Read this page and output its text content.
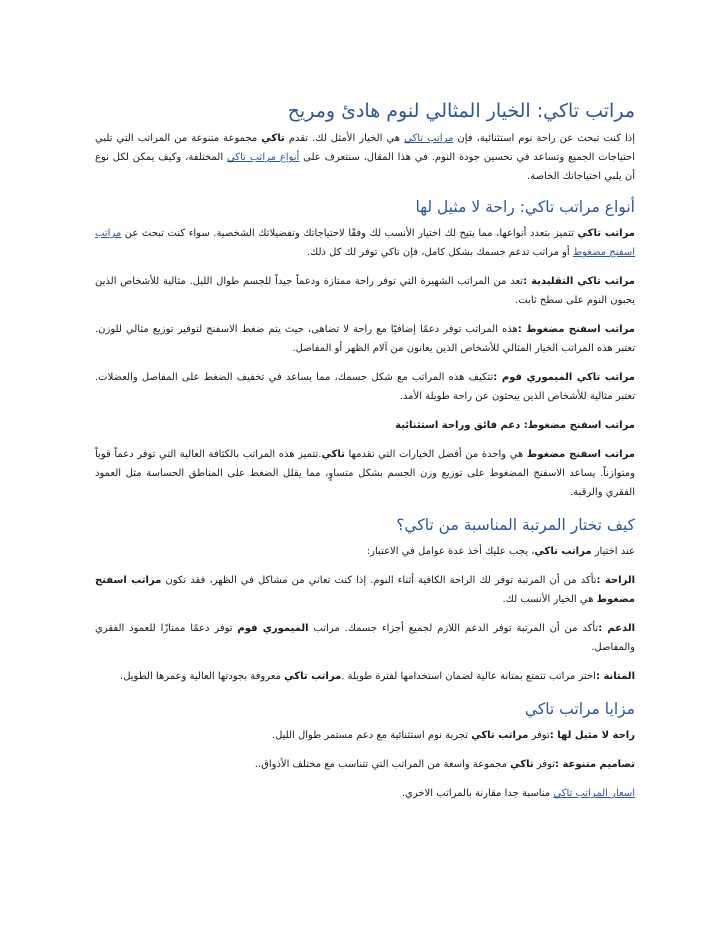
مراتب تاكي: الخيار المثالي لنوم هادئ ومريح

إذا كنت تبحث عن راحة نوم استثنائية، فإن مراتب تاكي هي الخيار الأمثل لك. تقدم تاكي مجموعة متنوعة من المراتب التي تلبي احتياجات الجميع وتساعد في تحسين جودة النوم. في هذا المقال، سنتعرف على أنواع مراتب تاكي المختلفة، وكيف يمكن لكل نوع أن يلبي احتياجاتك الخاصة.

أنواع مراتب تاكي: راحة لا مثيل لها

مراتب تاكي تتميز بتعدد أنواعها، مما يتيح لك اختيار الأنسب لك وفقًا لاحتياجاتك وتفضيلاتك الشخصية. سواء كنت تبحث عن مراتب اسفنج مضغوط أو مراتب تدعم جسمك بشكل كامل، فإن تاكي توفر لك كل ذلك.

مراتب تاكي التقليدية :تعد من المراتب الشهيرة التي توفر راحة ممتازة ودعماً جيداً للجسم طوال الليل. مثالية للأشخاص الذين يحبون النوم على سطح ثابت.

مراتب اسفنج مضغوط :هذه المراتب توفر دعمًا إضافيًا مع راحة لا تضاهى، حيث يتم ضغط الاسفنج لتوفير توزيع مثالي للوزن. تعتبر هذه المراتب الخيار المثالي للأشخاص الذين يعانون من آلام الظهر أو المفاصل.

مراتب تاكي الميموري فوم :تتكيف هذه المراتب مع شكل جسمك، مما يساعد في تخفيف الضغط على المفاصل والعضلات. تعتبر مثالية للأشخاص الذين يبحثون عن راحة طويلة الأمد.

مراتب اسفنج مضغوط: دعم فائق وراحة استثنائية

مراتب اسفنج مضغوط هي واحدة من أفضل الخيارات التي تقدمها تاكي.تتميز هذه المراتب بالكثافة العالية التي توفر دعماً قوياً ومتوازناً. يساعد الاسفنج المضغوط على توزيع وزن الجسم بشكل متساوٍ، مما يقلل الضغط على المناطق الحساسة مثل العمود الفقري والرقبة.

كيف تختار المرتبة المناسبة من تاكي؟

عند اختيار مراتب تاكي، يجب عليك أخذ عدة عوامل في الاعتبار:

الراحة :تأكد من أن المرتبة توفر لك الراحة الكافية أثناء النوم. إذا كنت تعاني من مشاكل في الظهر، فقد تكون مراتب اسفنج مضغوط هي الخيار الأنسب لك.

الدعم :تأكد من أن المرتبة توفر الدعم اللازم لجميع أجزاء جسمك. مراتب الميموري فوم توفر دعمًا ممتازًا للعمود الفقري والمفاصل.

المتانة :اختر مراتب تتمتع بمتانة عالية لضمان استخدامها لفترة طويلة .مراتب تاكي معروفة بجودتها العالية وعمرها الطويل.

مزايا مراتب تاكي

راحة لا مثيل لها :توفر مراتب تاكي تجربة نوم استثنائية مع دعم مستمر طوال الليل.

تصاميم متنوعة :توفر تاكي مجموعة واسعة من المراتب التي تتناسب مع مختلف الأذواق..

اسعار المراتب تاكي مناسبة جدا مقارنة بالمراتب الاخري.
